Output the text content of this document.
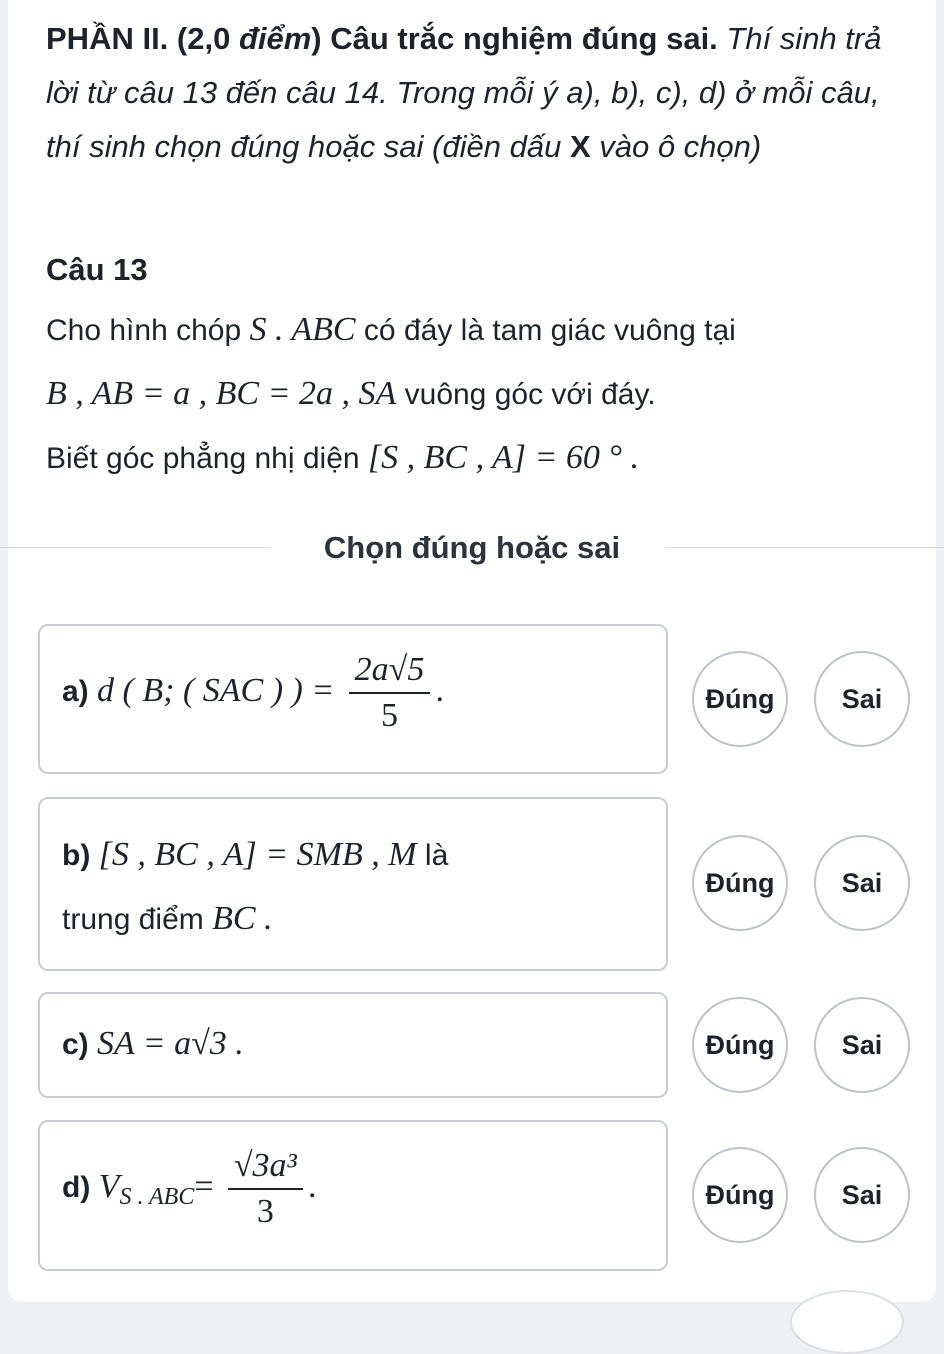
PHẦN II. (2,0 điểm) Câu trắc nghiệm đúng sai. Thí sinh trả lời từ câu 13 đến câu 14. Trong mỗi ý a), b), c), d) ở mỗi câu, thí sinh chọn đúng hoặc sai (điền dấu X vào ô chọn)
Câu 13
Cho hình chóp S . ABC có đáy là tam giác vuông tại
B , AB = a , BC = 2a , SA vuông góc với đáy.
Biết góc phẳng nhị diện [S , BC , A] = 60 ° .
Chọn đúng hoặc sai
a) d ( B; ( SAC ) ) = $\frac{2a√5}{5}$ .	Đúng	Sai
b) [S , BC , A] = SMB , M là
trung điểm BC .
Đúng	Sai
c) SA = a√3 .	Đúng	Sai
d) $V_{S . ABC}= \frac{\text{√3a³}}{3}$ .	Đúng	Sai
